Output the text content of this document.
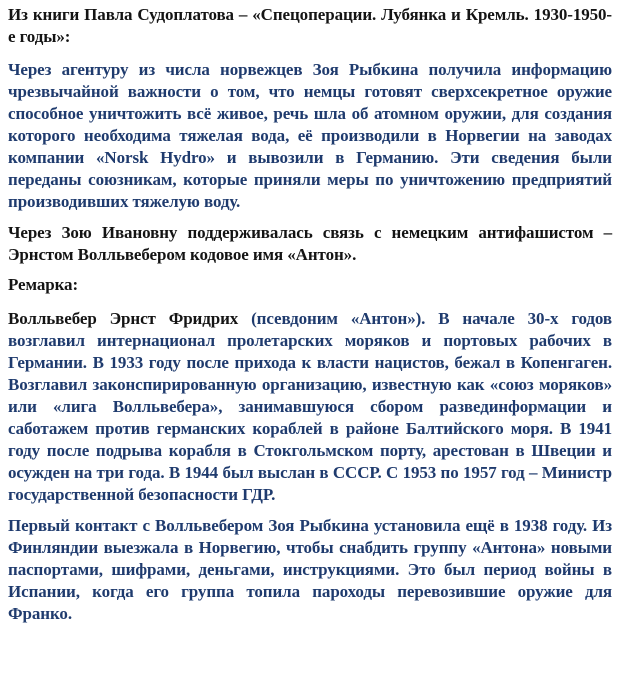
Из книги Павла Судоплатова – «Спецоперации. Лубянка и Кремль. 1930-1950-е годы»:

Через агентуру из числа норвежцев Зоя Рыбкина получила информацию чрезвычайной важности о том, что немцы готовят сверхсекретное оружие способное уничтожить всё живое, речь шла об атомном оружии, для создания которого необходима тяжелая вода, её производили в Норвегии на заводах компании «Norsk Hydro» и вывозили в Германию. Эти сведения были переданы союзникам, которые приняли меры по уничтожению предприятий производивших тяжелую воду.

Через Зою Ивановну поддерживалась связь с немецким антифашистом – Эрнстом Волльвебером кодовое имя «Антон».

Ремарка:

Волльвебер Эрнст Фридрих (псевдоним «Антон»). В начале 30-х годов возглавил интернационал пролетарских моряков и портовых рабочих в Германии. В 1933 году после прихода к власти нацистов, бежал в Копенгаген. Возглавил законспирированную организацию, известную как «союз моряков» или «лига Волльвебера», занимавшуюся сбором развединформации и саботажем против германских кораблей в районе Балтийского моря. В 1941 году после подрыва корабля в Стокгольмском порту, арестован в Швеции и осужден на три года. В 1944 был выслан в СССР. С 1953 по 1957 год – Министр государственной безопасности ГДР.

Первый контакт с Волльвебером Зоя Рыбкина установила ещё в 1938 году. Из Финляндии выезжала в Норвегию, чтобы снабдить группу «Антона» новыми паспортами, шифрами, деньгами, инструкциями. Это был период войны в Испании, когда его группа топила пароходы перевозившие оружие для Франко.
